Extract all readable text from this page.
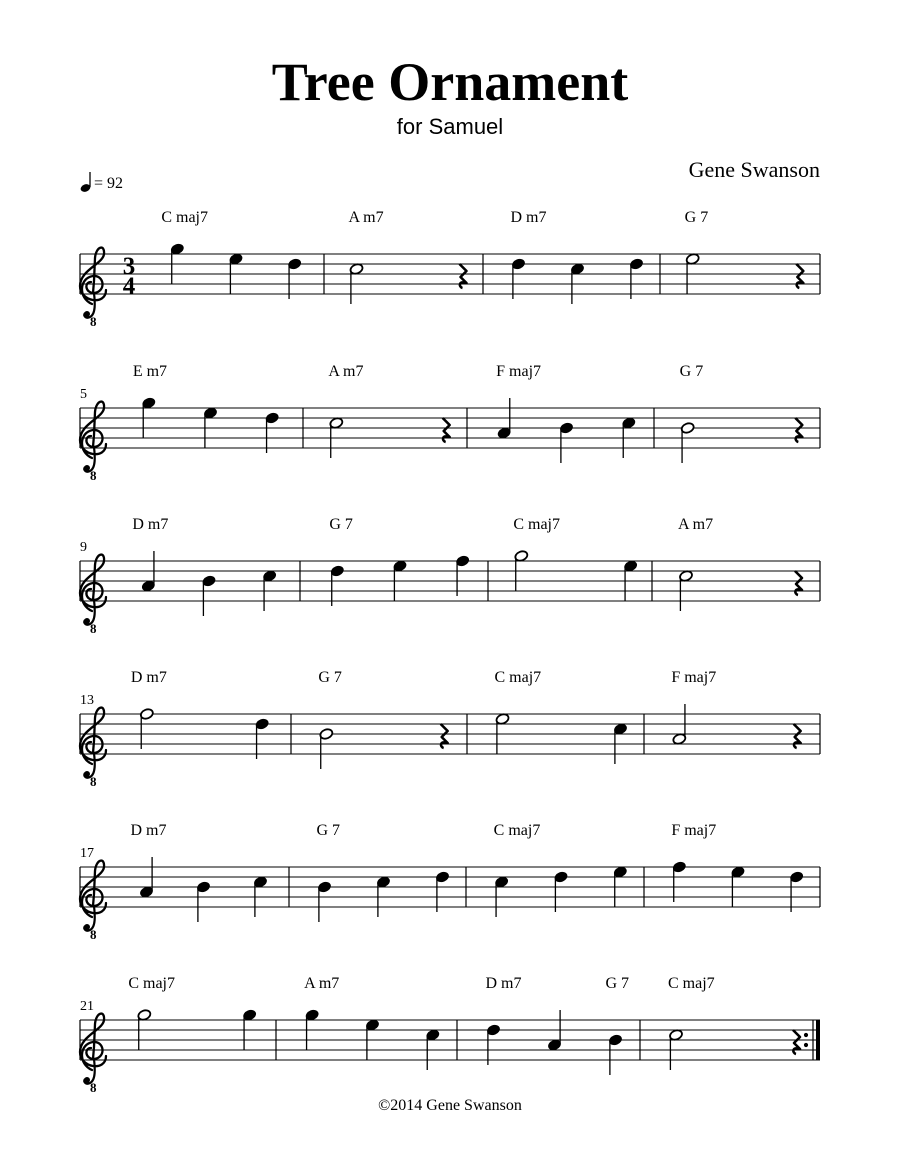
Tree Ornament
for Samuel
Gene Swanson
= 92
8
3
4
C maj7	A m7	D m7	G 7
8
5
E m7	A m7	F maj7	G 7
8
9
D m7	G 7	C maj7	A m7
8
13
D m7	G 7	C maj7	F maj7
8
17
D m7	G 7	C maj7	F maj7
8
21
C maj7	A m7	D m7	G 7 C maj7
©2014 Gene Swanson
